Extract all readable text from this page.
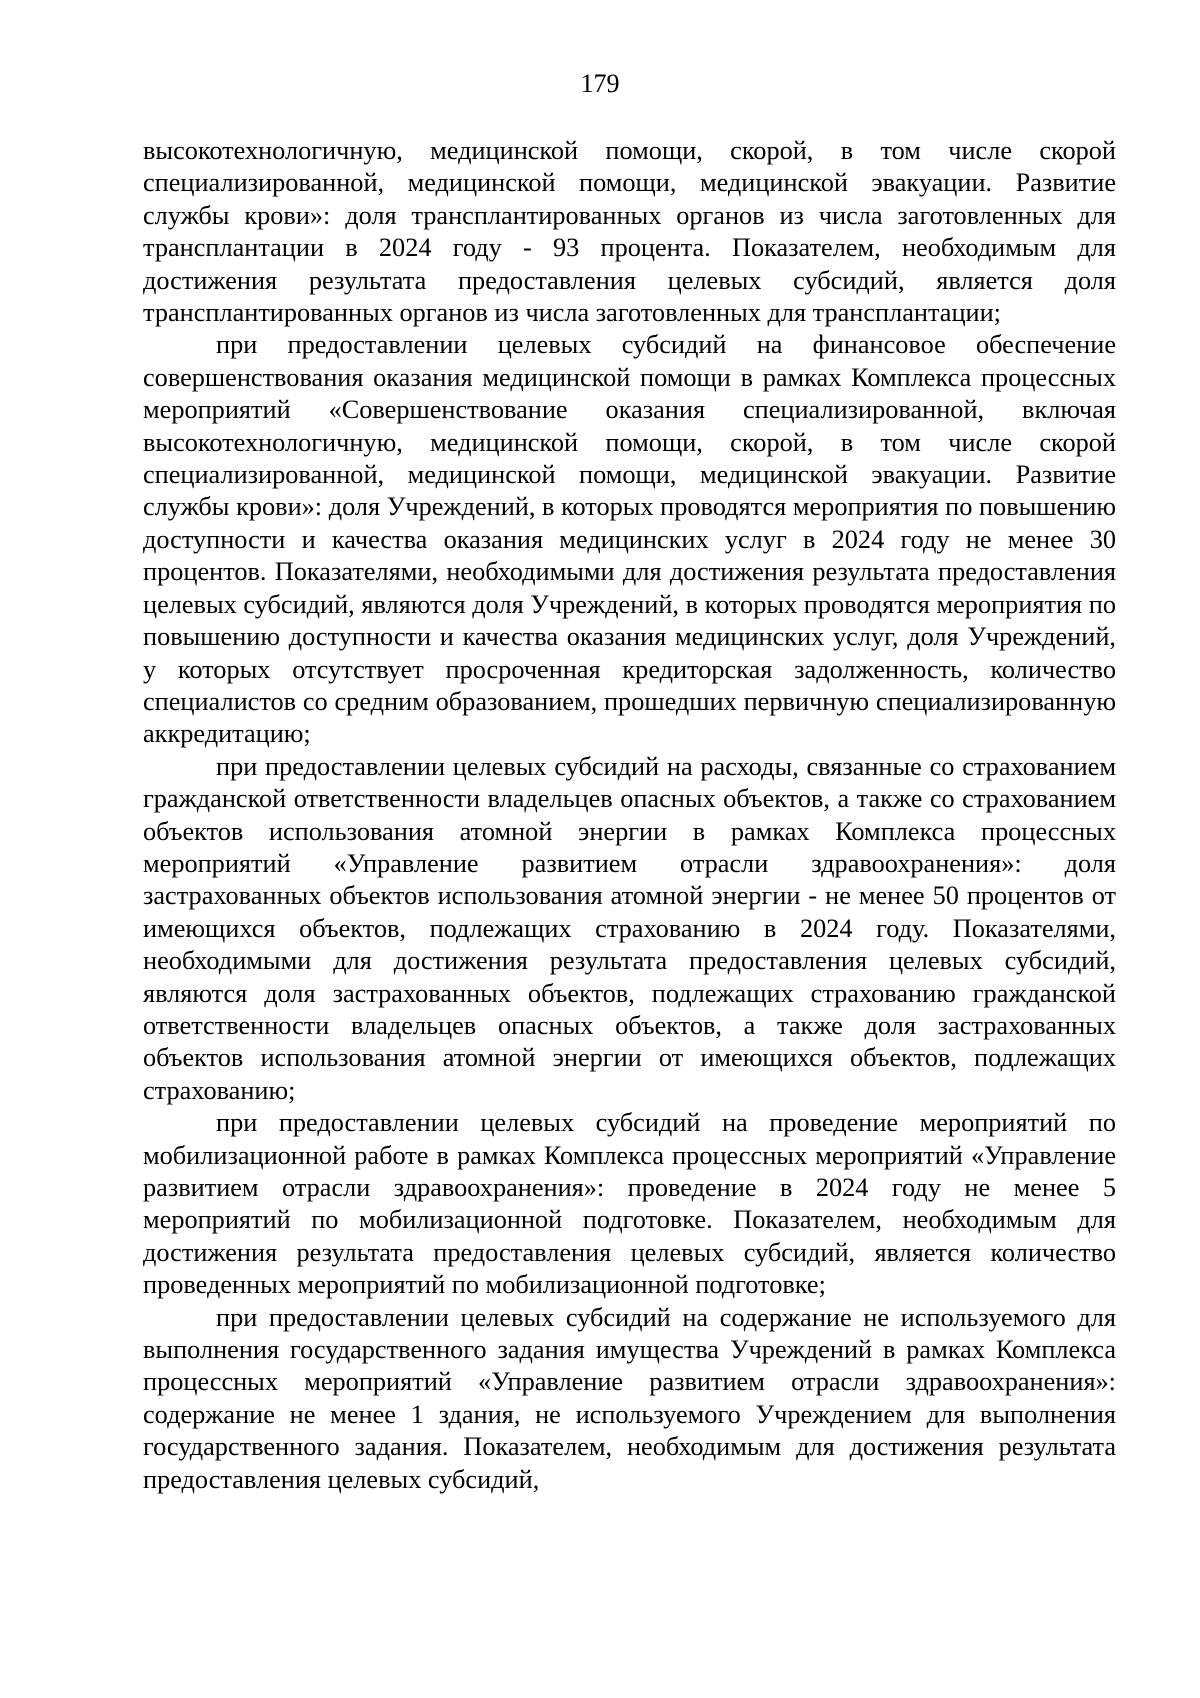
179

высокотехнологичную, медицинской помощи, скорой, в том числе скорой специализированной, медицинской помощи, медицинской эвакуации. Развитие службы крови»: доля трансплантированных органов из числа заготовленных для трансплантации в 2024 году - 93 процента. Показателем, необходимым для достижения результата предоставления целевых субсидий, является доля трансплантированных органов из числа заготовленных для трансплантации;

при предоставлении целевых субсидий на финансовое обеспечение совершенствования оказания медицинской помощи в рамках Комплекса процессных мероприятий «Совершенствование оказания специализированной, включая высокотехнологичную, медицинской помощи, скорой, в том числе скорой специализированной, медицинской помощи, медицинской эвакуации. Развитие службы крови»: доля Учреждений, в которых проводятся мероприятия по повышению доступности и качества оказания медицинских услуг в 2024 году не менее 30 процентов. Показателями, необходимыми для достижения результата предоставления целевых субсидий, являются доля Учреждений, в которых проводятся мероприятия по повышению доступности и качества оказания медицинских услуг, доля Учреждений, у которых отсутствует просроченная кредиторская задолженность, количество специалистов со средним образованием, прошедших первичную специализированную аккредитацию;

при предоставлении целевых субсидий на расходы, связанные со страхованием гражданской ответственности владельцев опасных объектов, а также со страхованием объектов использования атомной энергии в рамках Комплекса процессных мероприятий «Управление развитием отрасли здравоохранения»: доля застрахованных объектов использования атомной энергии - не менее 50 процентов от имеющихся объектов, подлежащих страхованию в 2024 году. Показателями, необходимыми для достижения результата предоставления целевых субсидий, являются доля застрахованных объектов, подлежащих страхованию гражданской ответственности владельцев опасных объектов, а также доля застрахованных объектов использования атомной энергии от имеющихся объектов, подлежащих страхованию;

при предоставлении целевых субсидий на проведение мероприятий по мобилизационной работе в рамках Комплекса процессных мероприятий «Управление развитием отрасли здравоохранения»: проведение в 2024 году не менее 5 мероприятий по мобилизационной подготовке. Показателем, необходимым для достижения результата предоставления целевых субсидий, является количество проведенных мероприятий по мобилизационной подготовке;

при предоставлении целевых субсидий на содержание не используемого для выполнения государственного задания имущества Учреждений в рамках Комплекса процессных мероприятий «Управление развитием отрасли здравоохранения»: содержание не менее 1 здания, не используемого Учреждением для выполнения государственного задания. Показателем, необходимым для достижения результата предоставления целевых субсидий,
